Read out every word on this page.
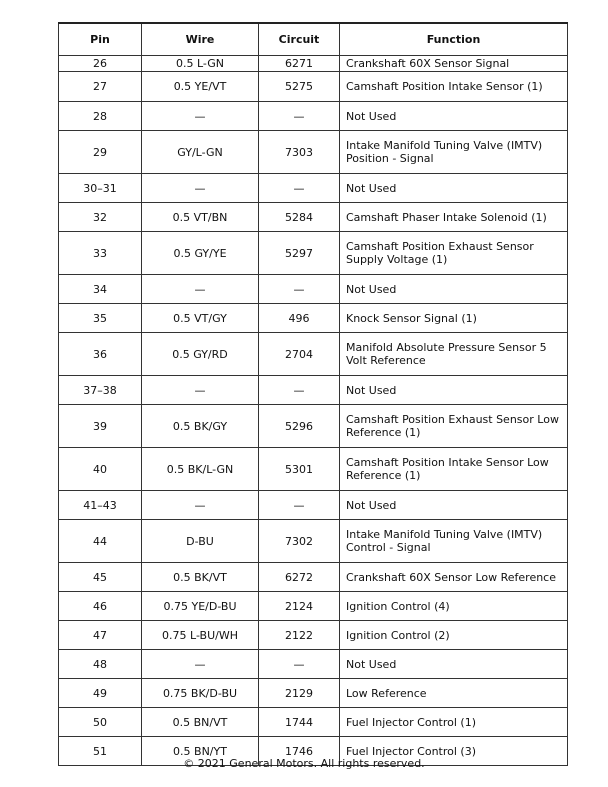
Pin	Wire	Circuit	Function
26	0.5 L-GN	6271	Crankshaft 60X Sensor Signal

27	0.5 YE/VT	5275	Camshaft Position Intake Sensor (1)

28	—	—	Not Used

29	GY/L-GN	7303	Intake Manifold Tuning Valve (IMTV)
Position - Signal

30–31	—	—	Not Used

32	0.5 VT/BN	5284	Camshaft Phaser Intake Solenoid (1)

33	0.5 GY/YE	5297	Camshaft Position Exhaust Sensor
Supply Voltage (1)

34	—	—	Not Used

35	0.5 VT/GY	496	Knock Sensor Signal (1)

36	0.5 GY/RD	2704	Manifold Absolute Pressure Sensor 5
Volt Reference

37–38	—	—	Not Used

39	0.5 BK/GY	5296	Camshaft Position Exhaust Sensor Low
Reference (1)

40	0.5 BK/L-GN	5301	Camshaft Position Intake Sensor Low
Reference (1)

41–43	—	—	Not Used

44	D-BU	7302	Intake Manifold Tuning Valve (IMTV)
Control - Signal

45	0.5 BK/VT	6272	Crankshaft 60X Sensor Low Reference

46	0.75 YE/D-BU	2124	Ignition Control (4)

47	0.75 L-BU/WH	2122	Ignition Control (2)

48	—	—	Not Used

49	0.75 BK/D-BU	2129	Low Reference

50	0.5 BN/VT	1744	Fuel Injector Control (1)

51	0.5 BN/YT	1746	Fuel Injector Control (3)
© 2021 General Motors. All rights reserved.
